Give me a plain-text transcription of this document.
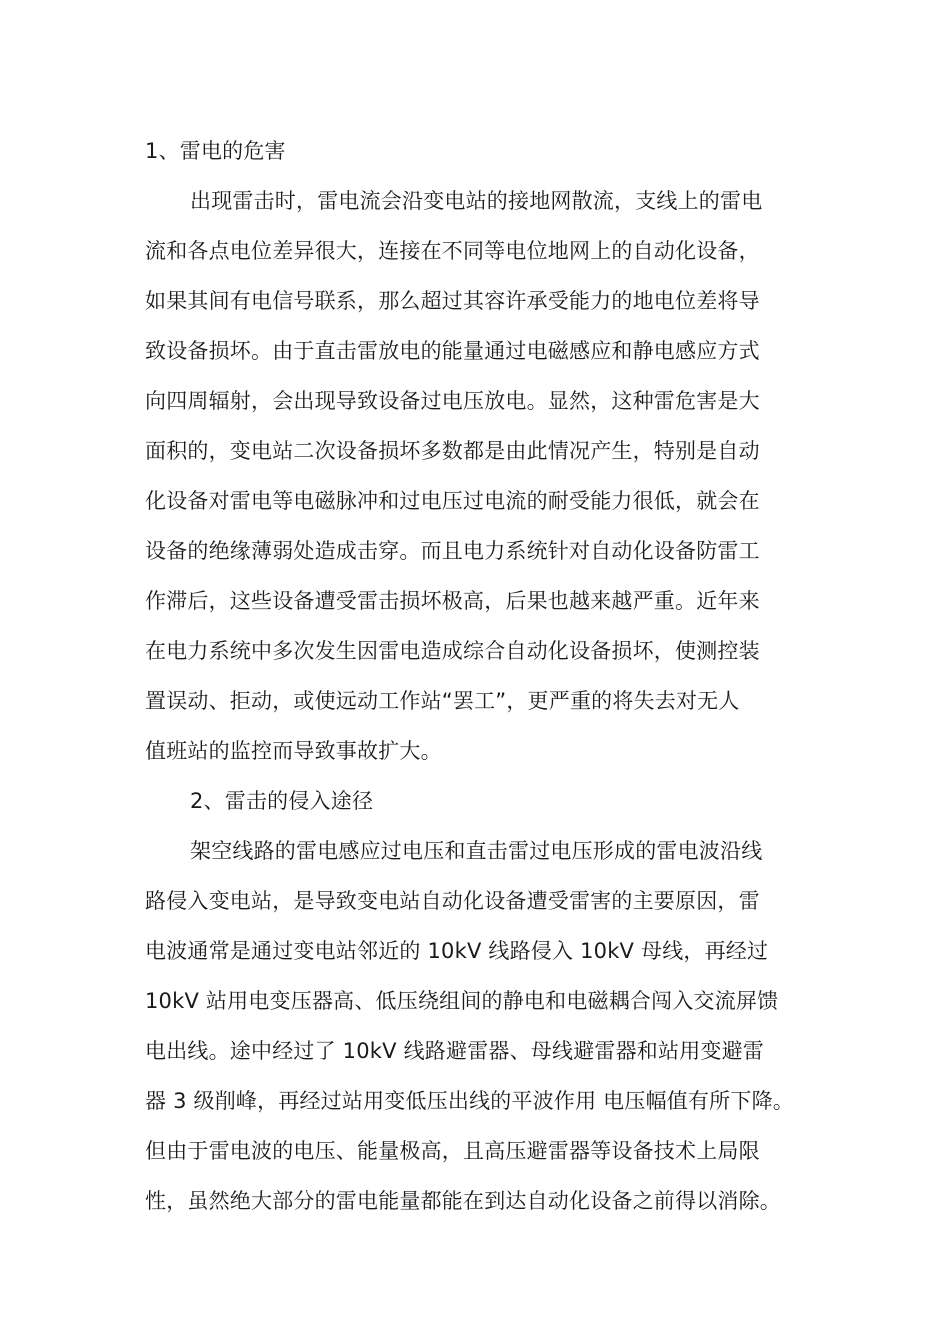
1、雷电的危害
出现雷击时，雷电流会沿变电站的接地网散流，支线上的雷电
流和各点电位差异很大，连接在不同等电位地网上的自动化设备，
如果其间有电信号联系，那么超过其容许承受能力的地电位差将导
致设备损坏。由于直击雷放电的能量通过电磁感应和静电感应方式
向四周辐射，会出现导致设备过电压放电。显然，这种雷危害是大
面积的，变电站二次设备损坏多数都是由此情况产生，特别是自动
化设备对雷电等电磁脉冲和过电压过电流的耐受能力很低，就会在
设备的绝缘薄弱处造成击穿。而且电力系统针对自动化设备防雷工
作滞后，这些设备遭受雷击损坏极高，后果也越来越严重。近年来
在电力系统中多次发生因雷电造成综合自动化设备损坏，使测控装
置误动、拒动，或使远动工作站“罢工”，更严重的将失去对无人
值班站的监控而导致事故扩大。
2、雷击的侵入途径
架空线路的雷电感应过电压和直击雷过电压形成的雷电波沿线
路侵入变电站，是导致变电站自动化设备遭受雷害的主要原因，雷
电波通常是通过变电站邻近的 10kV 线路侵入 10kV 母线，再经过
10kV 站用电变压器高、低压绕组间的静电和电磁耦合闯入交流屏馈
电出线。途中经过了 10kV 线路避雷器、母线避雷器和站用变避雷
器 3 级削峰，再经过站用变低压出线的平波作用 电压幅值有所下降。
但由于雷电波的电压、能量极高，且高压避雷器等设备技术上局限
性，虽然绝大部分的雷电能量都能在到达自动化设备之前得以消除。
